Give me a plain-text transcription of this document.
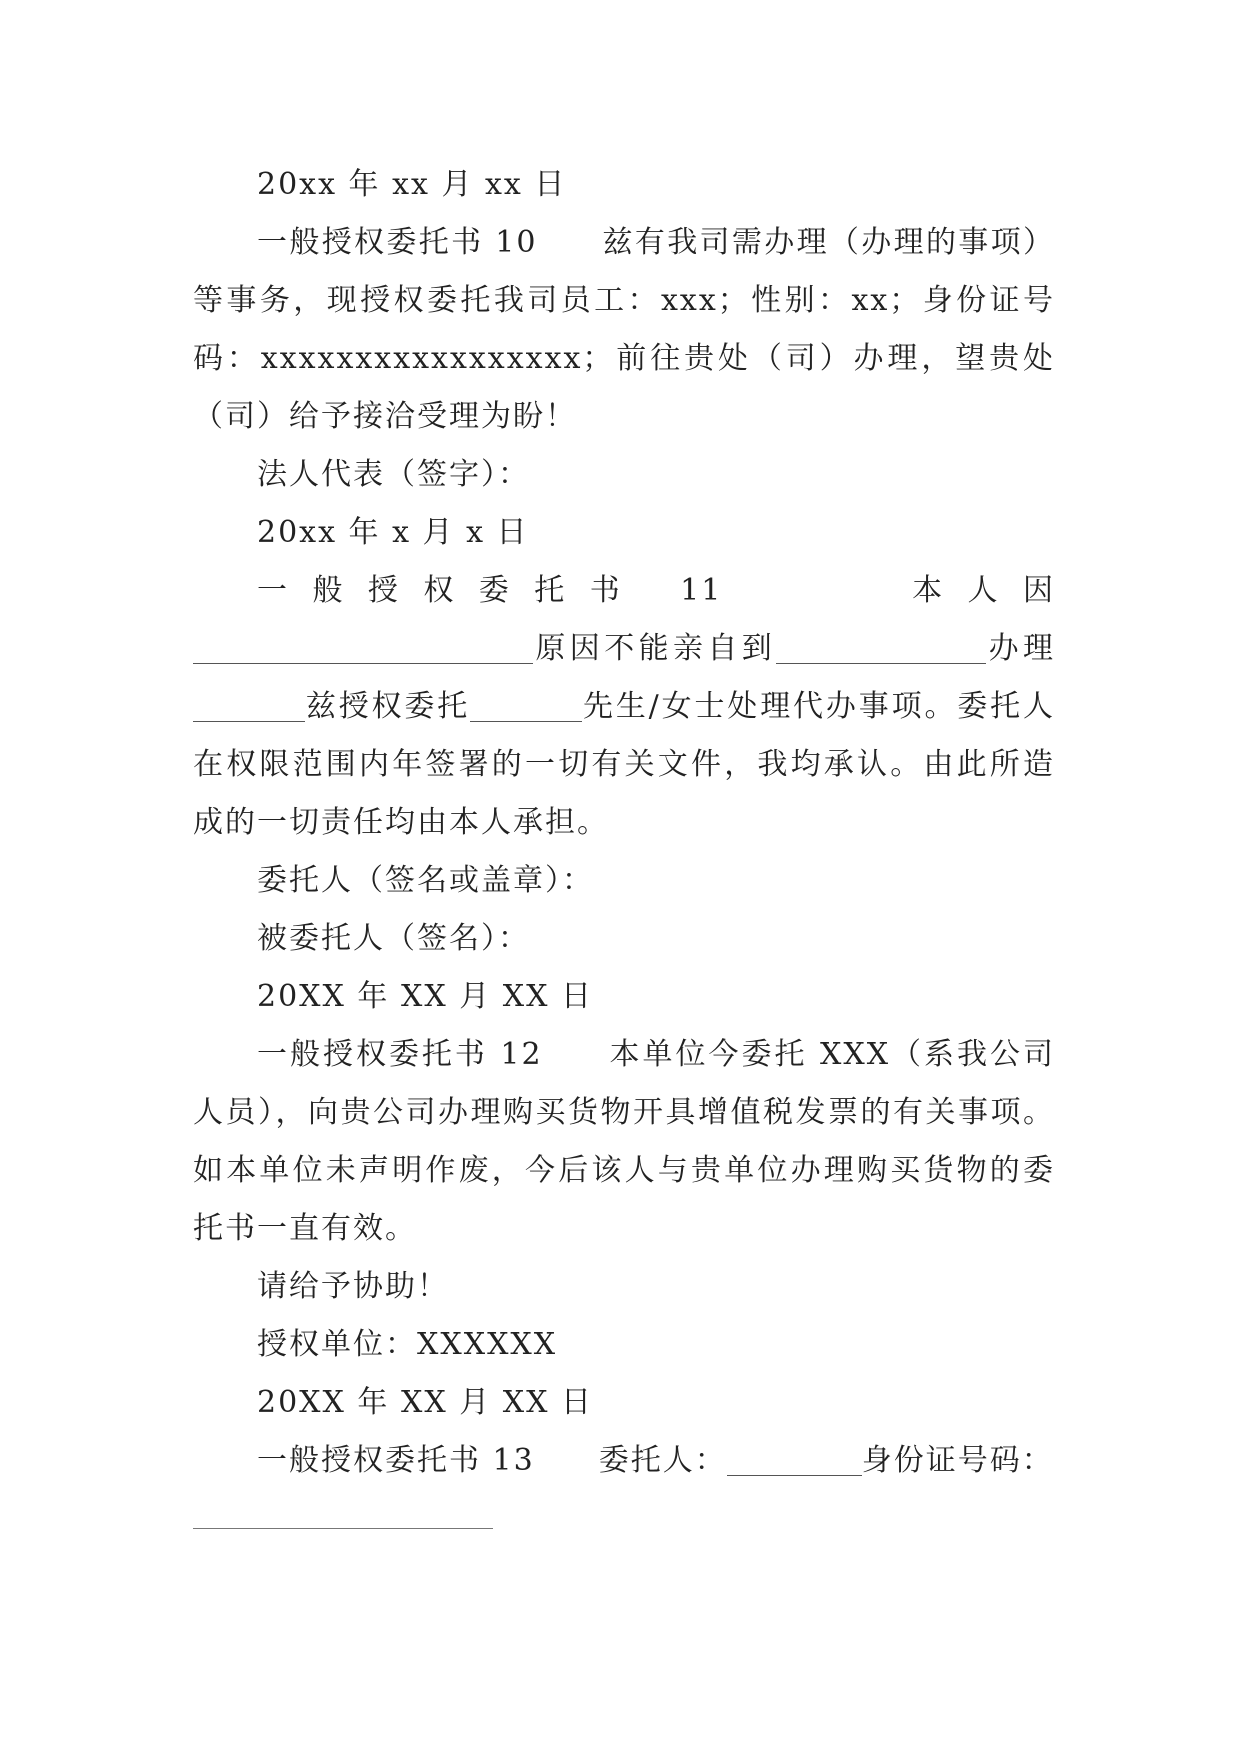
20xx 年 xx 月 xx 日

一般授权委托书 10　　兹有我司需办理（办理的事项）等事务，现授权委托我司员工：xxx；性别：xx；身份证号码：xxxxxxxxxxxxxxxxx；前往贵处（司）办理，望贵处（司）给予接洽受理为盼！

法人代表（签字）：

20xx 年 x 月 x 日

一般授权委托书 11　　　本人因原因不能亲自到	办理兹授权委托	先生/女士处理代办事项。委托人在权限范围内年签署的一切有关文件，我均承认。由此所造成的一切责任均由本人承担。

委托人（签名或盖章）：

被委托人（签名）：

20XX 年 XX 月 XX 日

一般授权委托书 12　　本单位今委托 XXX（系我公司人员），向贵公司办理购买货物开具增值税发票的有关事项。如本单位未声明作废，今后该人与贵单位办理购买货物的委托书一直有效。

请给予协助！

授权单位：XXXXXX

20XX 年 XX 月 XX 日

一般授权委托书 13　　委托人：	身份证号码：
